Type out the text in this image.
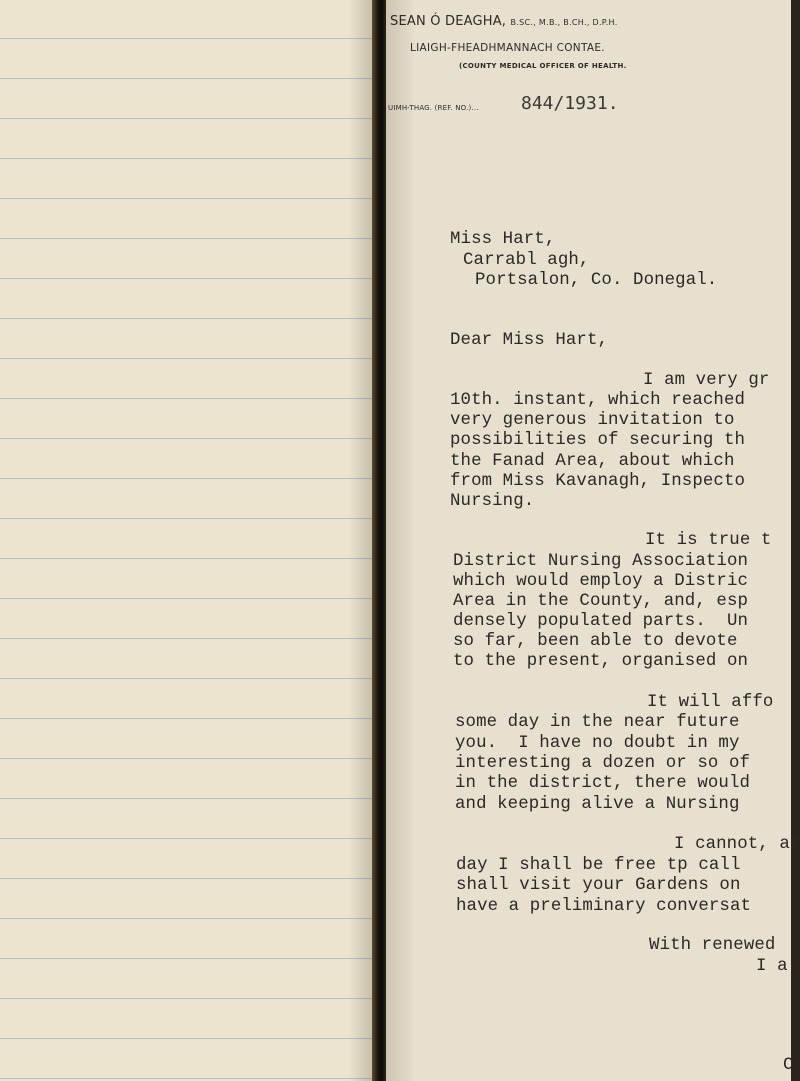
SEAN Ó DEAGHA, B.SC., M.B., B.CH., D.P.H.
LIAIGH-FHEADHMANNACH CONTAE.
(COUNTY MEDICAL OFFICER OF HEALTH.
UIMH-THAG. (REF. NO.)... 844/1931.
Miss Hart,
Carrabl agh,
Portsalon, Co. Donegal.
Dear Miss Hart,
I am very gr
10th. instant, which reached
very generous invitation to
possibilities of securing th
the Fanad Area, about which
from Miss Kavanagh, Inspecto
Nursing.
It is true t
District Nursing Association
which would employ a Distric
Area in the County, and, esp
densely populated parts.  Un
so far, been able to devote
to the present, organised on
It will affo
some day in the near future
you.  I have no doubt in my
interesting a dozen or so of
in the district, there would
and keeping alive a Nursing
I cannot, at
day I shall be free tp call
shall visit your Gardens on
have a preliminary conversat
With renewed
I a
C
